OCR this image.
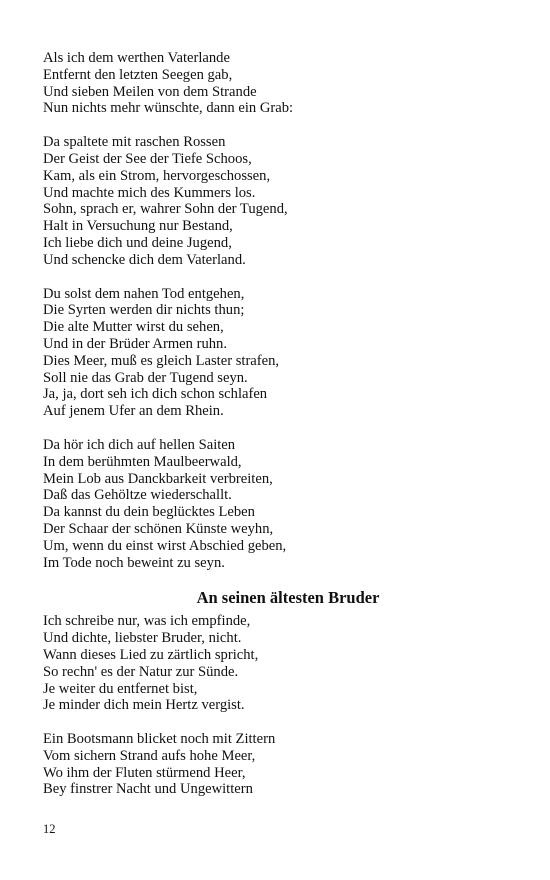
Als ich dem werthen Vaterlande
Entfernt den letzten Seegen gab,
Und sieben Meilen von dem Strande
Nun nichts mehr wünschte, dann ein Grab:
Da spaltete mit raschen Rossen
Der Geist der See der Tiefe Schoos,
Kam, als ein Strom, hervorgeschossen,
Und machte mich des Kummers los.
Sohn, sprach er, wahrer Sohn der Tugend,
Halt in Versuchung nur Bestand,
Ich liebe dich und deine Jugend,
Und schencke dich dem Vaterland.
Du solst dem nahen Tod entgehen,
Die Syrten werden dir nichts thun;
Die alte Mutter wirst du sehen,
Und in der Brüder Armen ruhn.
Dies Meer, muß es gleich Laster strafen,
Soll nie das Grab der Tugend seyn.
Ja, ja, dort seh ich dich schon schlafen
Auf jenem Ufer an dem Rhein.
Da hör ich dich auf hellen Saiten
In dem berühmten Maulbeerwald,
Mein Lob aus Danckbarkeit verbreiten,
Daß das Gehöltze wiederschallt.
Da kannst du dein beglücktes Leben
Der Schaar der schönen Künste weyhn,
Um, wenn du einst wirst Abschied geben,
Im Tode noch beweint zu seyn.
An seinen ältesten Bruder
Ich schreibe nur, was ich empfinde,
Und dichte, liebster Bruder, nicht.
Wann dieses Lied zu zärtlich spricht,
So rechn' es der Natur zur Sünde.
Je weiter du entfernet bist,
Je minder dich mein Hertz vergist.
Ein Bootsmann blicket noch mit Zittern
Vom sichern Strand aufs hohe Meer,
Wo ihm der Fluten stürmend Heer,
Bey finstrer Nacht und Ungewittern
12
